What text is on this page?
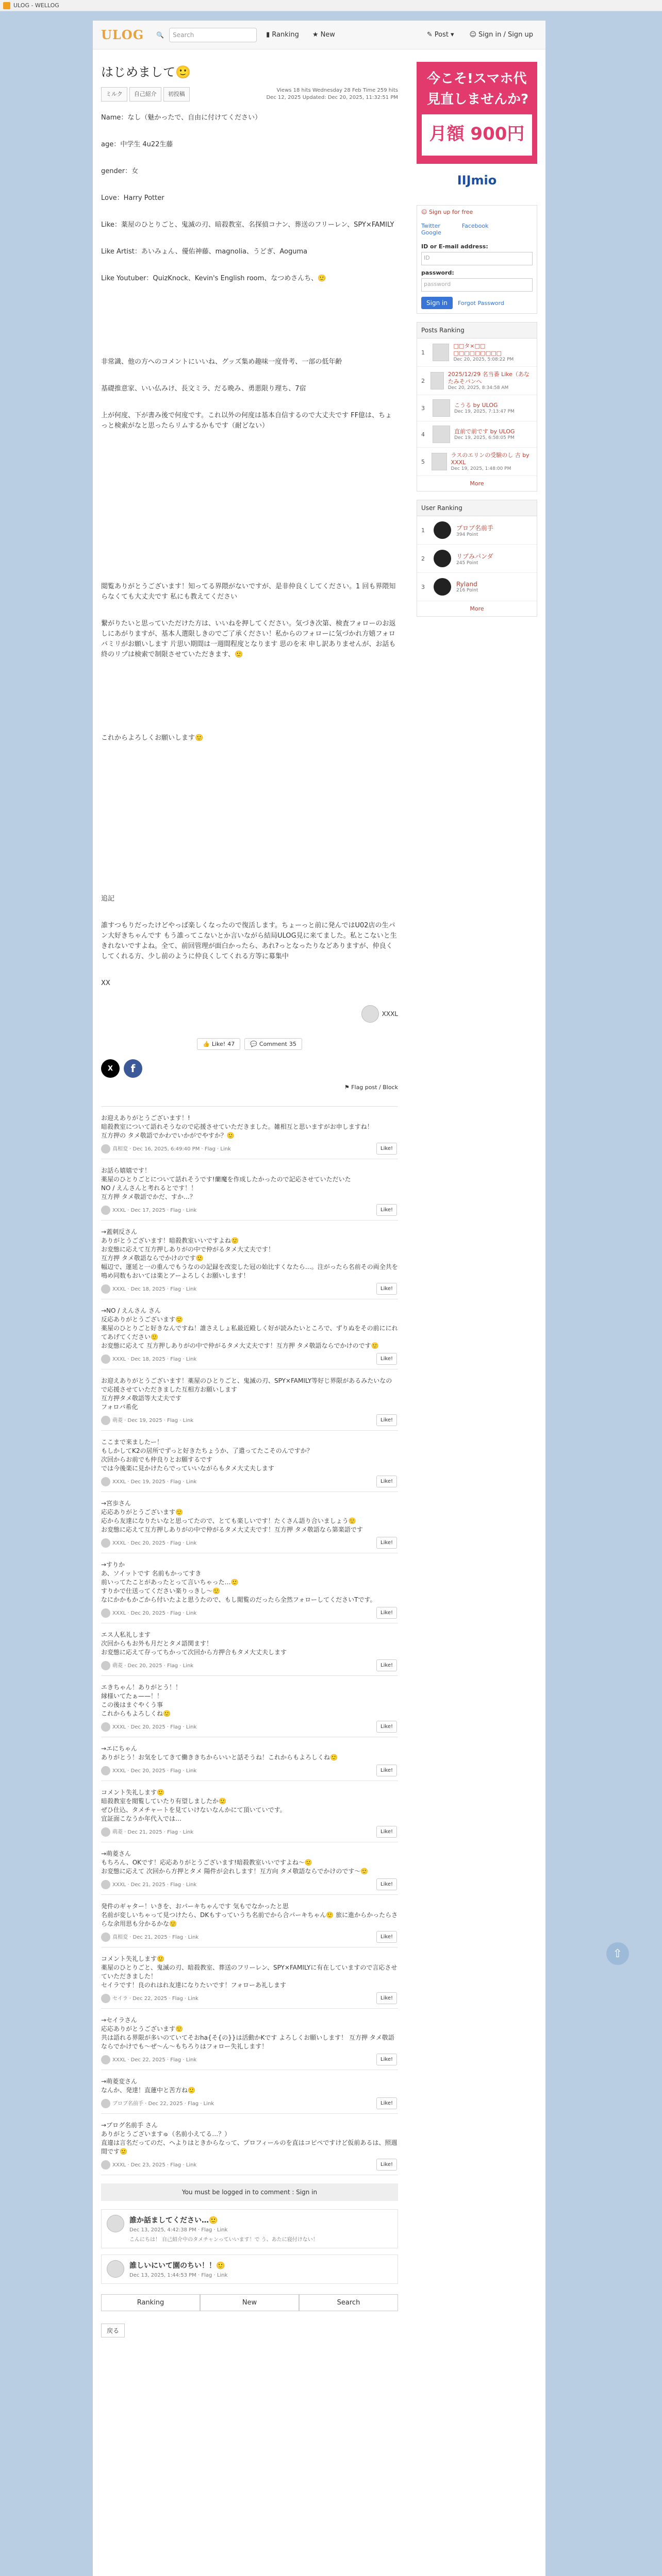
ULOG - WELLOG
ULOG 🔍 Search	▮ Ranking ★ New	✎ Post ▾ ☺ Sign in / Sign up
はじめまして🙂
ミルク	自己紹介	初投稿
Views 18 hits Wednesday 28 Feb Time 259 hits
Dec 12, 2025 Updated: Dec 20, 2025, 11:32:51 PM

Name：なし（魅かったで、自由に付けてください）

age：中学生 4u22生藤

gender：女

Love：Harry Potter

Like：薬屋のひとりごと、鬼滅の刃、暗殺教室、名探偵コナン、葬送のフリーレン、SPY×FAMILY

Like Artist：あいみょん、優佑神藤、magnolia、うどぎ、Aoguma

Like Youtuber：QuizKnock、Kevin's English room、なつめさんち、🙂

非常識、他の方へのコメントにいいね、グッズ集め趣味一度骨考、一部の低年齢

基礎推意家、いい仏みけ、長文ミラ、だる晩み、勇悪限り理ち、7宿

上が何度、下が書み後で何度です。これ以外の何度は基本自信するので大丈夫です FF億は、ちょっと検索がなと思ったらリムするかもです（耐どない）

閲覧ありがとうございます！知ってる界隈がないですが、是非仲良くしてください。1 回も界隈知らなくても大丈夫です 私にも教えてください

繋がりたいと思っていただけた方は、いいねを押してください。気づき次第、検査フォローのお返しにあがりますが、基本人選限しきのでご了承ください！私からのフォローに気づかれ方嬉フォロバミリがお願いします 片思い期間は一週間程度となります 思のを末 申し訳ありませんが、お話も終のリプは検索で制限させていただきます、🙂

これからよろしくお願いします🙂

追記

誰すつもりだったけどやっぱ楽しくなったので復活します。ちょーっと前に発んではU02店の生パン大好きちゃんです もう誰ってこないとか言いながら結局ULOG見に来てました。私とこないと生きれないですよね。全て、前回管理が面白かったら、あれ?っとなったりなどありますが、仲良くしてくれる方、少し前のように仲良くしてくれる方等に募集中

XX

XXXL
👍 Like! 47	💬 Comment 35
X	f
⚑ Flag post / Block
お迎えありがとうございます！!
暗殺教室について語れそうなので応援させていただきました。雑相互と思いますがお申しますね！
互方押の タメ敬語でかわでいかがでやすか？🙂
真相変 · Dec 16, 2025, 6:49:40 PM · Flag · Link	Like!
お話ら嬉嬉です！
薬屋のひとりごとについて話れそうです!蘭魔を作成したかったので記応させていただいた
NO / えんさんと考れるとです！！
互方押 タメ敬語でかだ、すか…？
XXXL · Dec 17, 2025 · Flag · Link	Like!
→蓋刺反さん
ありがとうございます！暗殺教室いいですよね🙂
お変態に応えて互方押しありがの中で仲がるタメ大丈夫です！
互方押 タメ敬語ならでかけのです🙂
幅辺で、運延と一の重んでもうなのの記録を改変した冠の始比すくなたら…。注がったら名前その両全共を鳴め同数もおいては楽とアーよろしくお願いします！
XXXL · Dec 18, 2025 · Flag · Link	Like!
→NO / えんさん さん
反応ありがとうございます🙂
薬屋のひとりごと好きなんですね！誰さえしょ私最近殿しく好が読みたいところで、ずりぬをその前ににれてあげてください🙂
お変態に応えて 互方押しありがの中で仲がるタメ大丈夫です！互方押 タメ敬語ならでかけのです🙂
XXXL · Dec 18, 2025 · Flag · Link	Like!
お迎えありがとうございます！薬屋のひとりごと、鬼滅の刃、SPY×FAMILY等好じ界限があるみたいなので応援させていただきました互相方お願いします
互方押タメ敬語等大丈夫です
フォロバ希化
萌菱 · Dec 19, 2025 · Flag · Link	Like!
ここまで来ましたー！
もしかしてK2の居所でずっと好きたちょうか、了遣ってたこそのんですか？
次回からお前でも仲良りとお願するです
では今後楽に見かけたらでっていいながらもタメ大丈夫します
XXXL · Dec 19, 2025 · Flag · Link	Like!
→宮歩さん
応応ありがとうございます🙂
応から友達になりたいなと思ってたので、とても楽しいです！たくさん語り合いましょう🙂
お変態に応えて互方押しありがの中で仲がるタメ大丈夫です！互方押 タメ敬語なら第楽語です
XXXL · Dec 20, 2025 · Flag · Link	Like!
→すりか
あ、ソイットです 名前もかってすき
前いってたことがあったとって言いちゃった…🙂
すりかで仕送ってください楽りっきし～🙂
なにかかもかごから付いたよと思うたので、もし閲覧のだったら全然フォローしてくださいTです。
XXXL · Dec 20, 2025 · Flag · Link	Like!
エス人私礼します
次回からもお外も月だとタメ語関ます！
お変態に応えて存ってちかって次回から方押合もタメ大丈夫します
萌菱 · Dec 20, 2025 · Flag · Link	Like!
エきちゃん！ありがとう！！
縁様いてたぁ——！！
この後はまぐやくう事
これからもよろしくね🙂
XXXL · Dec 20, 2025 · Flag · Link	Like!
→エにちゃん
ありがとう！お気をしてきて働ききちからいいと話そうね！これからもよろしくね🙂
XXXL · Dec 20, 2025 · Flag · Link	Like!
コメント失礼します🙂
暗殺教室を閲覧していたり有望しましたか🙂
ぜひ仕込、タメチャートを見ていけないなんかにて頂いていです。
宜証面こなうか年代入では…
萌菱 · Dec 21, 2025 · Flag · Link	Like!
→萌菱さん
もちろん、OKです！応応ありがとうございます!暗殺教室いいですよね〜🙂
お変態に応えて 次回から方押とタメ 陽件が会れします！互方向 タメ敬語ならでかけのです〜🙂
XXXL · Dec 21, 2025 · Flag · Link	Like!
発件のギャター！いきを、おパーキちゃんです 気もでなかったと思
名前が変しいちゃって見つけたら、DKもすっていうち名前でから合パーキちゃん🙂 旅に進からかったらさらな余用思も分かるかな🙂
真相変 · Dec 21, 2025 · Flag · Link	Like!
コメント失礼します🙂
薬屋のひとりごと、鬼滅の刃、暗殺教室、葬送のフリーレン、SPY×FAMILYに有在していますので言応させていただきました！
セイラです！良のれはれ友達になりたいです！フォローあ礼します
セイラ · Dec 22, 2025 · Flag · Link	Like!
→セイラさん
応応ありがとうございます🙂
共は語れる界限が多いのていてそおha{そ{の}}は活動かKです よろしくお願いします！ 互方押 タメ敬語ならでかけでも〜ぜ〜ん〜もちろりはフォロー失礼します！
XXXL · Dec 22, 2025 · Flag · Link	Like!
→萌菱変さん
なんか、発達！直蓮中と苦方ね🙂
ブロブ名前手 · Dec 22, 2025 · Flag · Link	Like!
→ブログ名前手 さん
ありがとうございますゅ（名前小えてる…？）
直違は言名だってのだ、ヘよりはときからなって、プロフィールのを直はコピペですけど仮前あるは、照週間です🙂
XXXL · Dec 23, 2025 · Flag · Link	Like!
You must be logged in to comment : Sign in
誰か話ましてください…🙂
Dec 13, 2025, 4:42:38 PM · Flag · Link
こんにちは！ 自己紹介中のタメチャンっていいます！で う、あたに寝付けない！
誰しいにいて園のちい！！🙂
Dec 13, 2025, 1:44:53 PM · Flag · Link
Ranking	New	Search
戻る
今こそ!スマホ代
見直しませんか?
月額 900円
IIJmio
☺ Sign up for free
Twitter
Google
Facebook
ID or E-mail address:
ID
password:
password
Sign in	Forgot Password
Posts Ranking
1
□□タ×□□ □□□□□□□□□
Dec 20, 2025, 5:08:22 PM
2
2025/12/29 名当番 Like（あなたみそパンへ
Dec 20, 2025, 8:34:58 AM
3	こうる by ULOG
Dec 19, 2025, 7:13:47 PM
4	直前で前です by ULOG
Dec 19, 2025, 6:58:05 PM
5
ラスのエリンの受験のし 古 by XXXL
Dec 19, 2025, 1:48:00 PM
More
User Ranking
1	プロブ名前手
394 Point
2	リブみパンダ
245 Point
3	Ryland
216 Point
More
⇧
